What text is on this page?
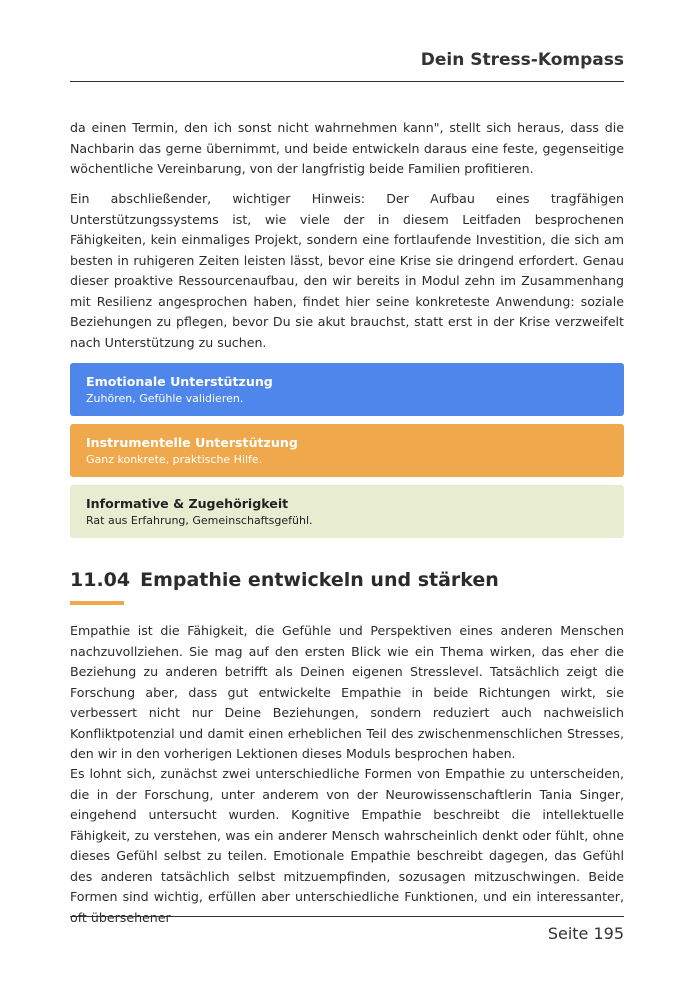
Dein Stress-Kompass

da einen Termin, den ich sonst nicht wahrnehmen kann", stellt sich heraus, dass die Nachbarin das gerne übernimmt, und beide entwickeln daraus eine feste, gegenseitige wöchentliche Vereinbarung, von der langfristig beide Familien profitieren.

Ein abschließender, wichtiger Hinweis: Der Aufbau eines tragfähigen Unterstützungssystems ist, wie viele der in diesem Leitfaden besprochenen Fähigkeiten, kein einmaliges Projekt, sondern eine fortlaufende Investition, die sich am besten in ruhigeren Zeiten leisten lässt, bevor eine Krise sie dringend erfordert. Genau dieser proaktive Ressourcenaufbau, den wir bereits in Modul zehn im Zusammenhang mit Resilienz angesprochen haben, findet hier seine konkreteste Anwendung: soziale Beziehungen zu pflegen, bevor Du sie akut brauchst, statt erst in der Krise verzweifelt nach Unterstützung zu suchen.

Emotionale Unterstützung
Zuhören, Gefühle validieren.
Instrumentelle Unterstützung
Ganz konkrete, praktische Hilfe.
Informative & Zugehörigkeit
Rat aus Erfahrung, Gemeinschaftsgefühl.
11.04 Empathie entwickeln und stärken

Empathie ist die Fähigkeit, die Gefühle und Perspektiven eines anderen Menschen nachzuvollziehen. Sie mag auf den ersten Blick wie ein Thema wirken, das eher die Beziehung zu anderen betrifft als Deinen eigenen Stresslevel. Tatsächlich zeigt die Forschung aber, dass gut entwickelte Empathie in beide Richtungen wirkt, sie verbessert nicht nur Deine Beziehungen, sondern reduziert auch nachweislich Konfliktpotenzial und damit einen erheblichen Teil des zwischenmenschlichen Stresses, den wir in den vorherigen Lektionen dieses Moduls besprochen haben.

Es lohnt sich, zunächst zwei unterschiedliche Formen von Empathie zu unterscheiden, die in der Forschung, unter anderem von der Neurowissenschaftlerin Tania Singer, eingehend untersucht wurden. Kognitive Empathie beschreibt die intellektuelle Fähigkeit, zu verstehen, was ein anderer Mensch wahrscheinlich denkt oder fühlt, ohne dieses Gefühl selbst zu teilen. Emotionale Empathie beschreibt dagegen, das Gefühl des anderen tatsächlich selbst mitzuempfinden, sozusagen mitzuschwingen. Beide Formen sind wichtig, erfüllen aber unterschiedliche Funktionen, und ein interessanter, oft übersehener

Seite 195
